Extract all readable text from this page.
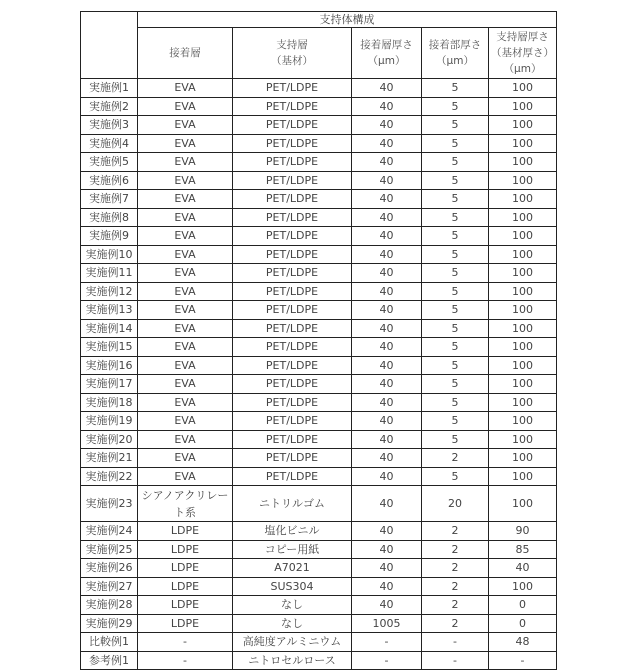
	支持体構成

接着層

支持層
（基材）

接着層厚さ
（μm）

接着部厚さ
（μm）

支持層厚さ
（基材厚さ）
（μm）

実施例1	EVA	PET/LDPE	40	5	100
実施例2	EVA	PET/LDPE	40	5	100
実施例3	EVA	PET/LDPE	40	5	100
実施例4	EVA	PET/LDPE	40	5	100
実施例5	EVA	PET/LDPE	40	5	100
実施例6	EVA	PET/LDPE	40	5	100
実施例7	EVA	PET/LDPE	40	5	100
実施例8	EVA	PET/LDPE	40	5	100
実施例9	EVA	PET/LDPE	40	5	100
実施例10	EVA	PET/LDPE	40	5	100
実施例11	EVA	PET/LDPE	40	5	100
実施例12	EVA	PET/LDPE	40	5	100
実施例13	EVA	PET/LDPE	40	5	100
実施例14	EVA	PET/LDPE	40	5	100
実施例15	EVA	PET/LDPE	40	5	100
実施例16	EVA	PET/LDPE	40	5	100
実施例17	EVA	PET/LDPE	40	5	100
実施例18	EVA	PET/LDPE	40	5	100
実施例19	EVA	PET/LDPE	40	5	100
実施例20	EVA	PET/LDPE	40	5	100
実施例21	EVA	PET/LDPE	40	2	100
実施例22	EVA	PET/LDPE	40	5	100
実施例23	シアノアクリレート系	ニトリルゴム	40	20	100
実施例24	LDPE	塩化ビニル	40	2	90
実施例25	LDPE	コピー用紙	40	2	85
実施例26	LDPE	A7021	40	2	40
実施例27	LDPE	SUS304	40	2	100
実施例28	LDPE	なし	40	2	0
実施例29	LDPE	なし	1005	2	0
比較例1	-	高純度アルミニウム	-	-	48
参考例1	-	ニトロセルロース	-	-	-
